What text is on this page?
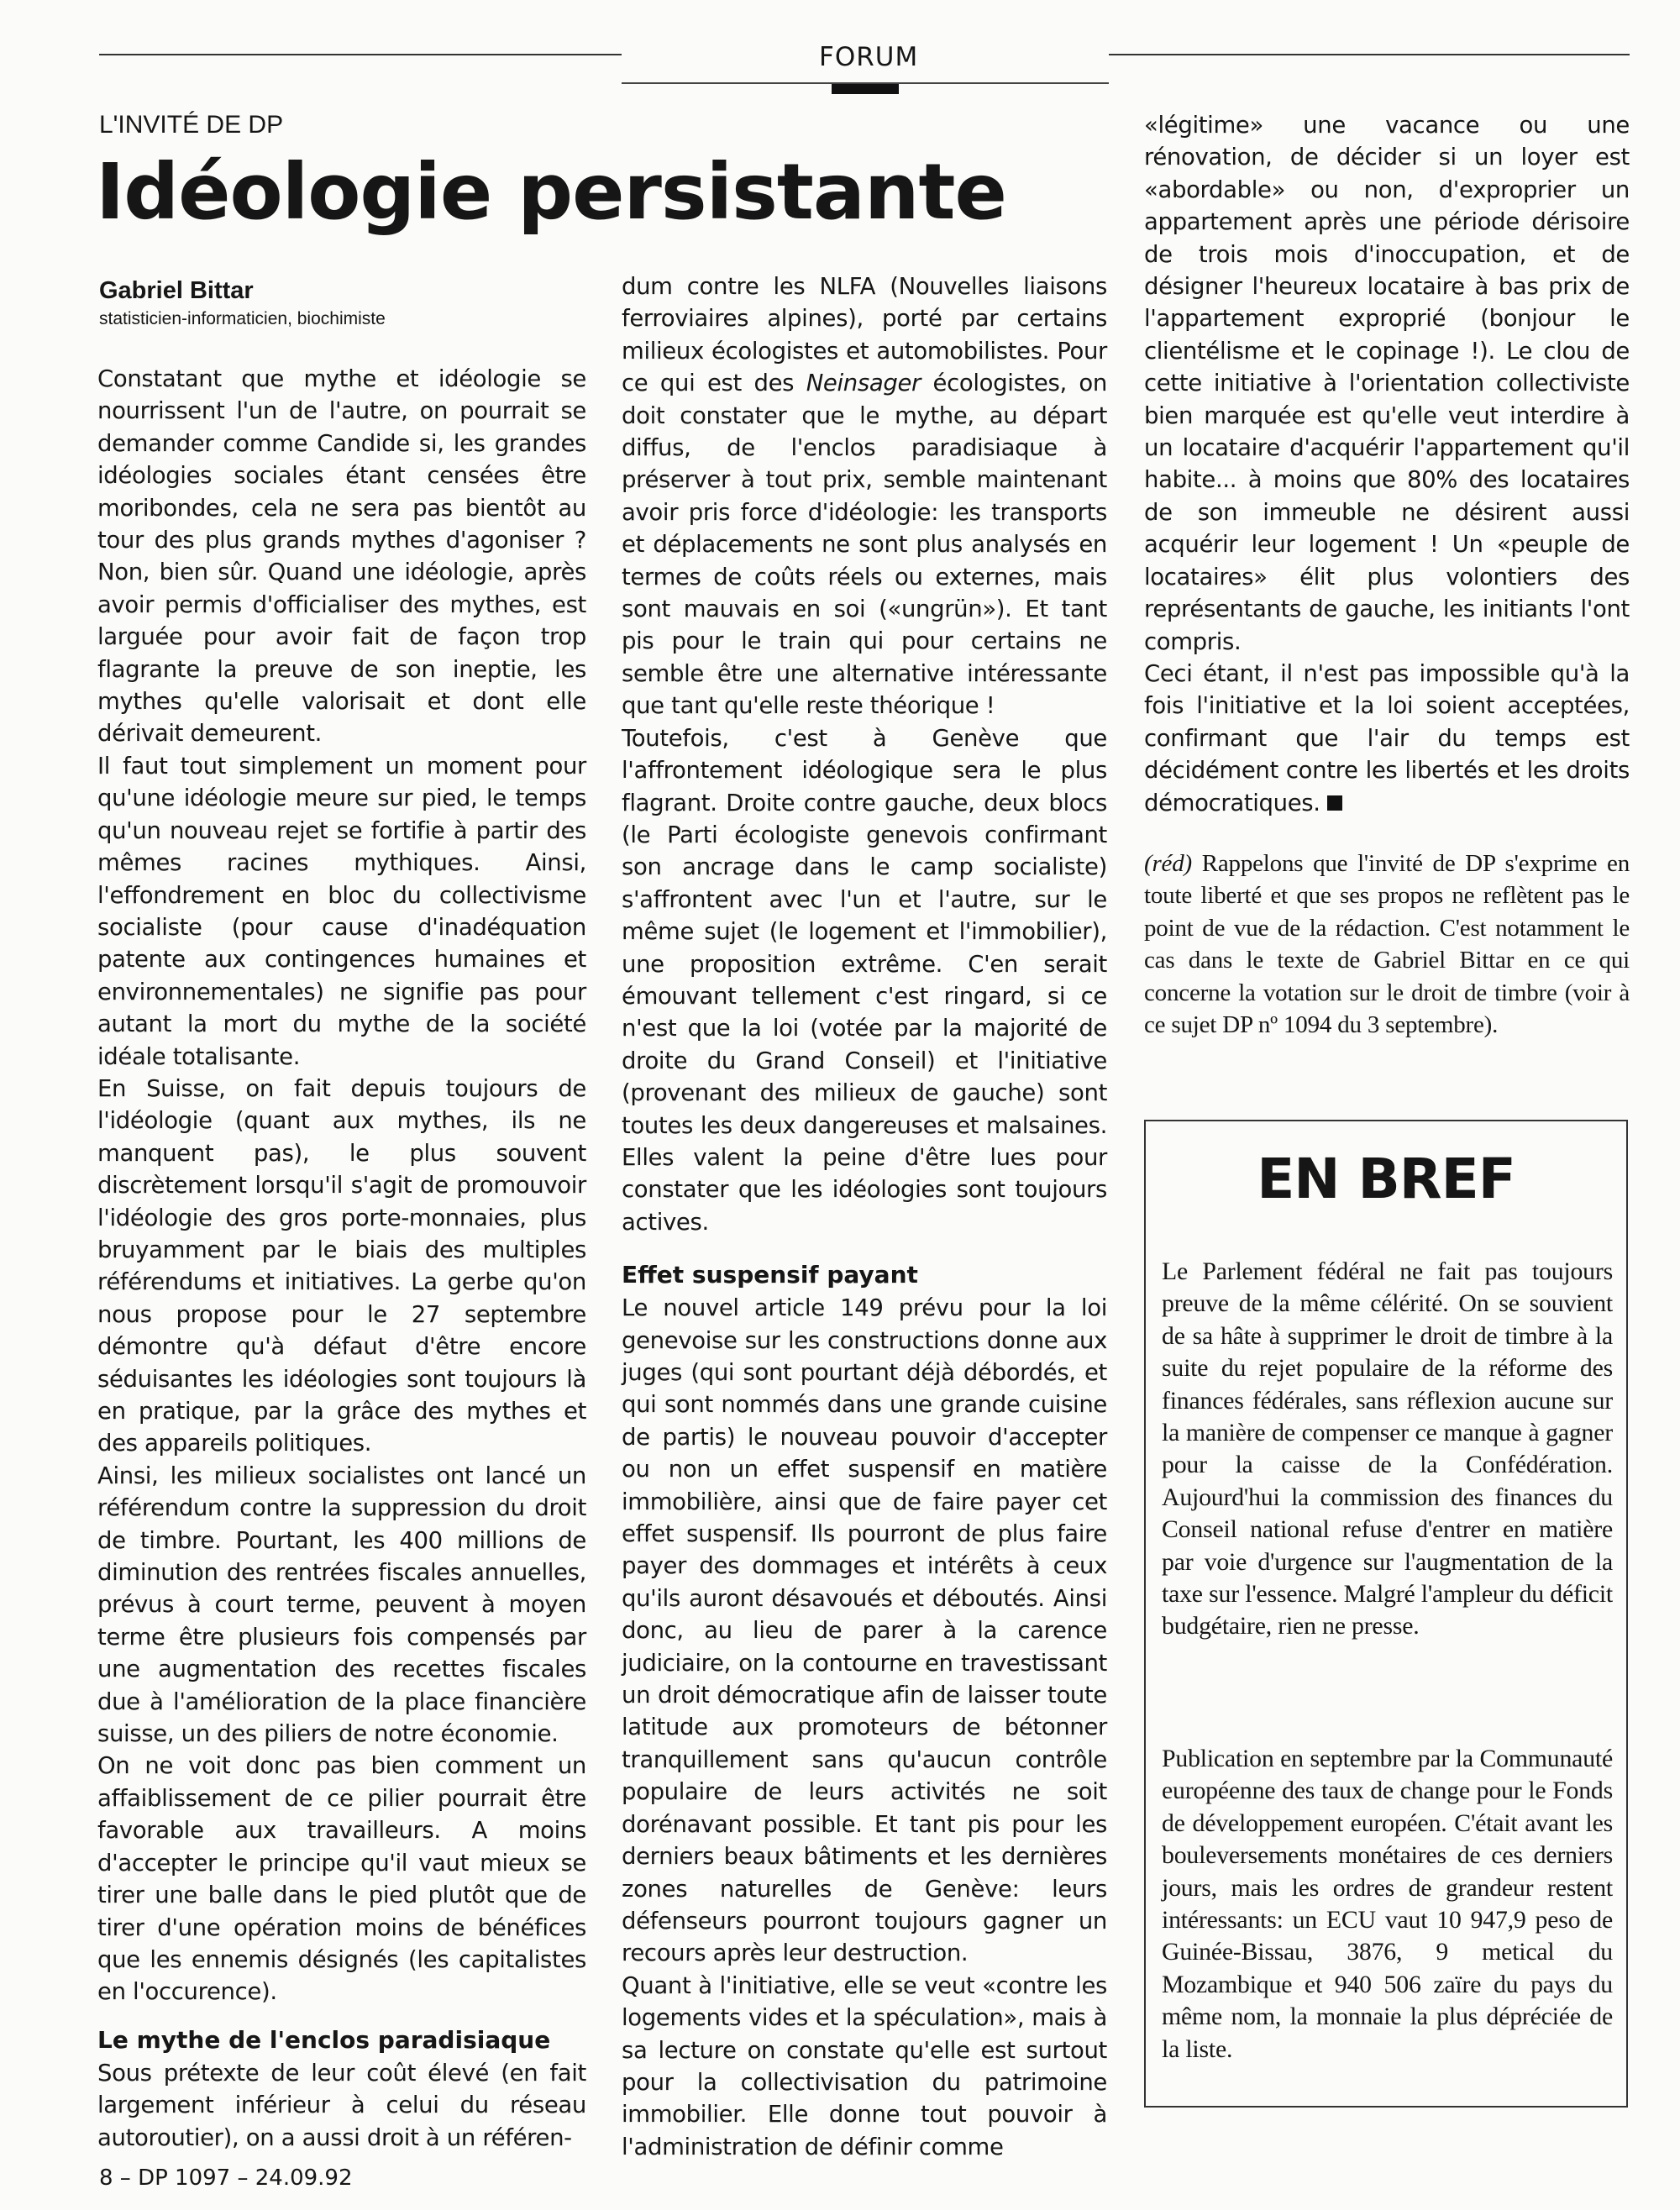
FORUM
L'INVITÉ DE DP
Idéologie persistante
Gabriel Bittar
statisticien-informaticien, biochimiste

Constatant que mythe et idéologie se nourrissent l'un de l'autre, on pourrait se demander comme Candide si, les grandes idéologies sociales étant censées être moribondes, cela ne sera pas bientôt au tour des plus grands mythes d'agoniser ? Non, bien sûr. Quand une idéologie, après avoir permis d'officialiser des mythes, est larguée pour avoir fait de façon trop flagrante la preuve de son ineptie, les mythes qu'elle valorisait et dont elle dérivait demeurent.

Il faut tout simplement un moment pour qu'une idéologie meure sur pied, le temps qu'un nouveau rejet se fortifie à partir des mêmes racines mythiques. Ainsi, l'effondrement en bloc du collectivisme socialiste (pour cause d'inadéquation patente aux contingences humaines et environnementales) ne signifie pas pour autant la mort du mythe de la société idéale totalisante.

En Suisse, on fait depuis toujours de l'idéologie (quant aux mythes, ils ne manquent pas), le plus souvent discrètement lorsqu'il s'agit de promouvoir l'idéologie des gros porte-monnaies, plus bruyamment par le biais des multiples référendums et initiatives. La gerbe qu'on nous propose pour le 27 septembre démontre qu'à défaut d'être encore séduisantes les idéologies sont toujours là en pratique, par la grâce des mythes et des appareils politiques.

Ainsi, les milieux socialistes ont lancé un référendum contre la suppression du droit de timbre. Pourtant, les 400 millions de diminution des rentrées fiscales annuelles, prévus à court terme, peuvent à moyen terme être plusieurs fois compensés par une augmentation des recettes fiscales due à l'amélioration de la place financière suisse, un des piliers de notre économie.

On ne voit donc pas bien comment un affaiblissement de ce pilier pourrait être favorable aux travailleurs. A moins d'accepter le principe qu'il vaut mieux se tirer une balle dans le pied plutôt que de tirer d'une opération moins de bénéfices que les ennemis désignés (les capitalistes en l'occurence).

Le mythe de l'enclos paradisiaque

Sous prétexte de leur coût élevé (en fait largement inférieur à celui du réseau autoroutier), on a aussi droit à un référen-

dum contre les NLFA (Nouvelles liaisons ferroviaires alpines), porté par certains milieux écologistes et automobilistes. Pour ce qui est des Neinsager écologistes, on doit constater que le mythe, au départ diffus, de l'enclos paradisiaque à préserver à tout prix, semble maintenant avoir pris force d'idéologie: les transports et déplacements ne sont plus analysés en termes de coûts réels ou externes, mais sont mauvais en soi («ungrün»). Et tant pis pour le train qui pour certains ne semble être une alternative intéressante que tant qu'elle reste théorique !

Toutefois, c'est à Genève que l'affrontement idéologique sera le plus flagrant. Droite contre gauche, deux blocs (le Parti écologiste genevois confirmant son ancrage dans le camp socialiste) s'affrontent avec l'un et l'autre, sur le même sujet (le logement et l'immobilier), une proposition extrême. C'en serait émouvant tellement c'est ringard, si ce n'est que la loi (votée par la majorité de droite du Grand Conseil) et l'initiative (provenant des milieux de gauche) sont toutes les deux dangereuses et malsaines. Elles valent la peine d'être lues pour constater que les idéologies sont toujours actives.

Effet suspensif payant

Le nouvel article 149 prévu pour la loi genevoise sur les constructions donne aux juges (qui sont pourtant déjà débordés, et qui sont nommés dans une grande cuisine de partis) le nouveau pouvoir d'accepter ou non un effet suspensif en matière immobilière, ainsi que de faire payer cet effet suspensif. Ils pourront de plus faire payer des dommages et intérêts à ceux qu'ils auront désavoués et déboutés. Ainsi donc, au lieu de parer à la carence judiciaire, on la contourne en travestissant un droit démocratique afin de laisser toute latitude aux promoteurs de bétonner tranquillement sans qu'aucun contrôle populaire de leurs activités ne soit dorénavant possible. Et tant pis pour les derniers beaux bâtiments et les dernières zones naturelles de Genève: leurs défenseurs pourront toujours gagner un recours après leur destruction.

Quant à l'initiative, elle se veut «contre les logements vides et la spéculation», mais à sa lecture on constate qu'elle est surtout pour la collectivisation du patrimoine immobilier. Elle donne tout pouvoir à l'administration de définir comme

«légitime» une vacance ou une rénovation, de décider si un loyer est «abordable» ou non, d'exproprier un appartement après une période dérisoire de trois mois d'inoccupation, et de désigner l'heureux locataire à bas prix de l'appartement exproprié (bonjour le clientélisme et le copinage !). Le clou de cette initiative à l'orientation collectiviste bien marquée est qu'elle veut interdire à un locataire d'acquérir l'appartement qu'il habite... à moins que 80% des locataires de son immeuble ne désirent aussi acquérir leur logement ! Un «peuple de locataires» élit plus volontiers des représentants de gauche, les initiants l'ont compris.

Ceci étant, il n'est pas impossible qu'à la fois l'initiative et la loi soient acceptées, confirmant que l'air du temps est décidément contre les libertés et les droits démocratiques.

(réd) Rappelons que l'invité de DP s'exprime en toute liberté et que ses propos ne reflètent pas le point de vue de la rédaction. C'est notamment le cas dans le texte de Gabriel Bittar en ce qui concerne la votation sur le droit de timbre (voir à ce sujet DP nº 1094 du 3 septembre).

EN BREF

Le Parlement fédéral ne fait pas toujours preuve de la même célérité. On se souvient de sa hâte à supprimer le droit de timbre à la suite du rejet populaire de la réforme des finances fédérales, sans réflexion aucune sur la manière de compenser ce manque à gagner pour la caisse de la Confédération. Aujourd'hui la commission des finances du Conseil national refuse d'entrer en matière par voie d'urgence sur l'augmentation de la taxe sur l'essence. Malgré l'ampleur du déficit budgétaire, rien ne presse.

Publication en septembre par la Communauté européenne des taux de change pour le Fonds de développement européen. C'était avant les bouleversements monétaires de ces derniers jours, mais les ordres de grandeur restent intéressants: un ECU vaut 10 947,9 peso de Guinée-Bissau, 3876, 9 metical du Mozambique et 940 506 zaïre du pays du même nom, la monnaie la plus dépréciée de la liste.

8 – DP 1097 – 24.09.92
